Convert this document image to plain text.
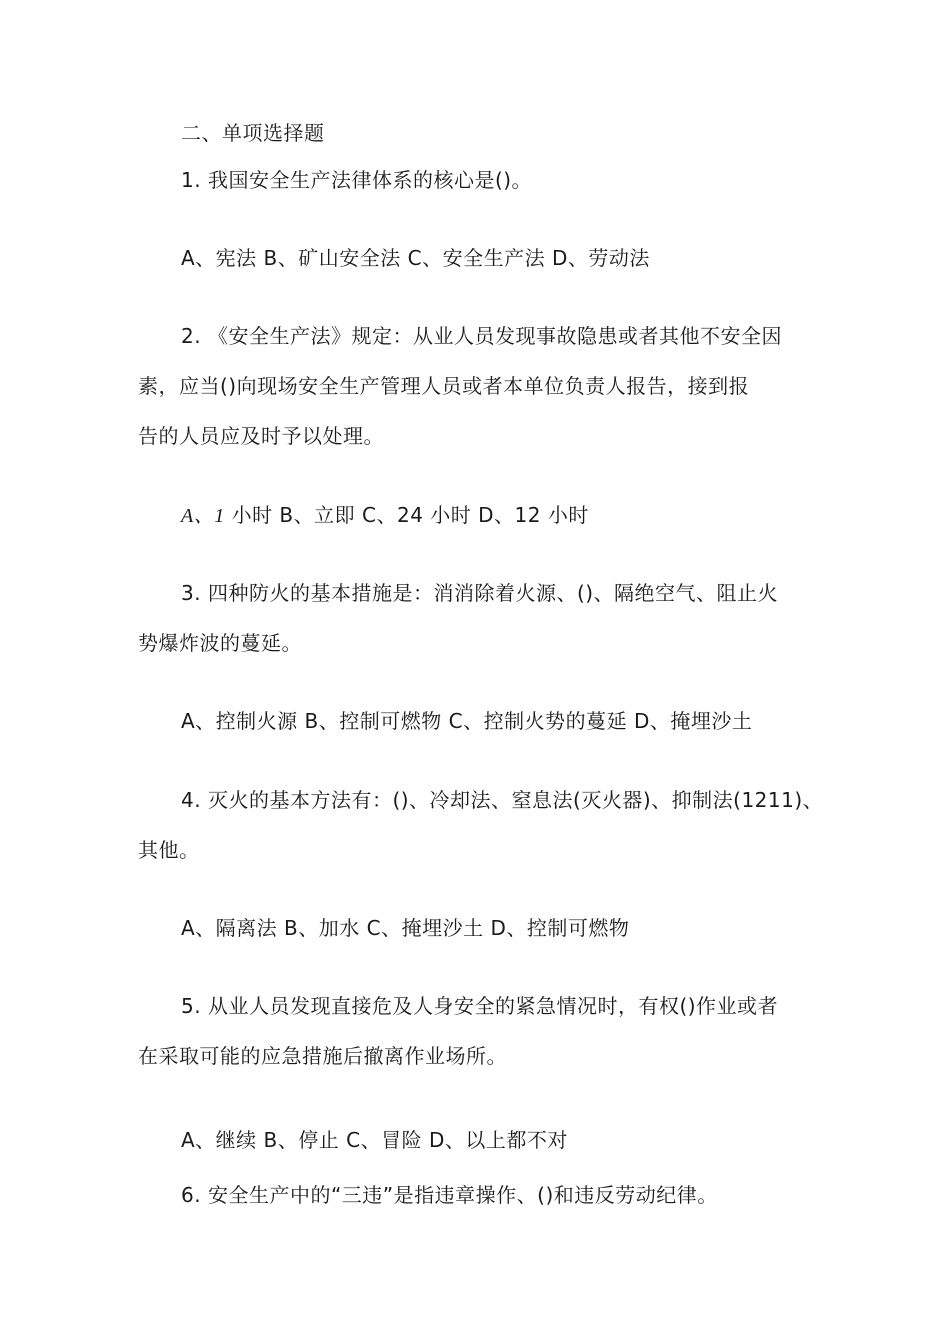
二、单项选择题
1. 我国安全生产法律体系的核心是()。
A、宪法 B、矿山安全法 C、安全生产法 D、劳动法
2. 《安全生产法》规定：从业人员发现事故隐患或者其他不安全因
素，应当()向现场安全生产管理人员或者本单位负责人报告，接到报
告的人员应及时予以处理。
A、1 小时 B、立即 C、24 小时 D、12 小时
3. 四种防火的基本措施是：消消除着火源、()、隔绝空气、阻止火
势爆炸波的蔓延。
A、控制火源 B、控制可燃物 C、控制火势的蔓延 D、掩埋沙土
4. 灭火的基本方法有：()、冷却法、窒息法(灭火器)、抑制法(1211)、
其他。
A、隔离法 B、加水 C、掩埋沙土 D、控制可燃物
5. 从业人员发现直接危及人身安全的紧急情况时，有权()作业或者
在采取可能的应急措施后撤离作业场所。
A、继续 B、停止 C、冒险 D、以上都不对
6. 安全生产中的“三违”是指违章操作、()和违反劳动纪律。
